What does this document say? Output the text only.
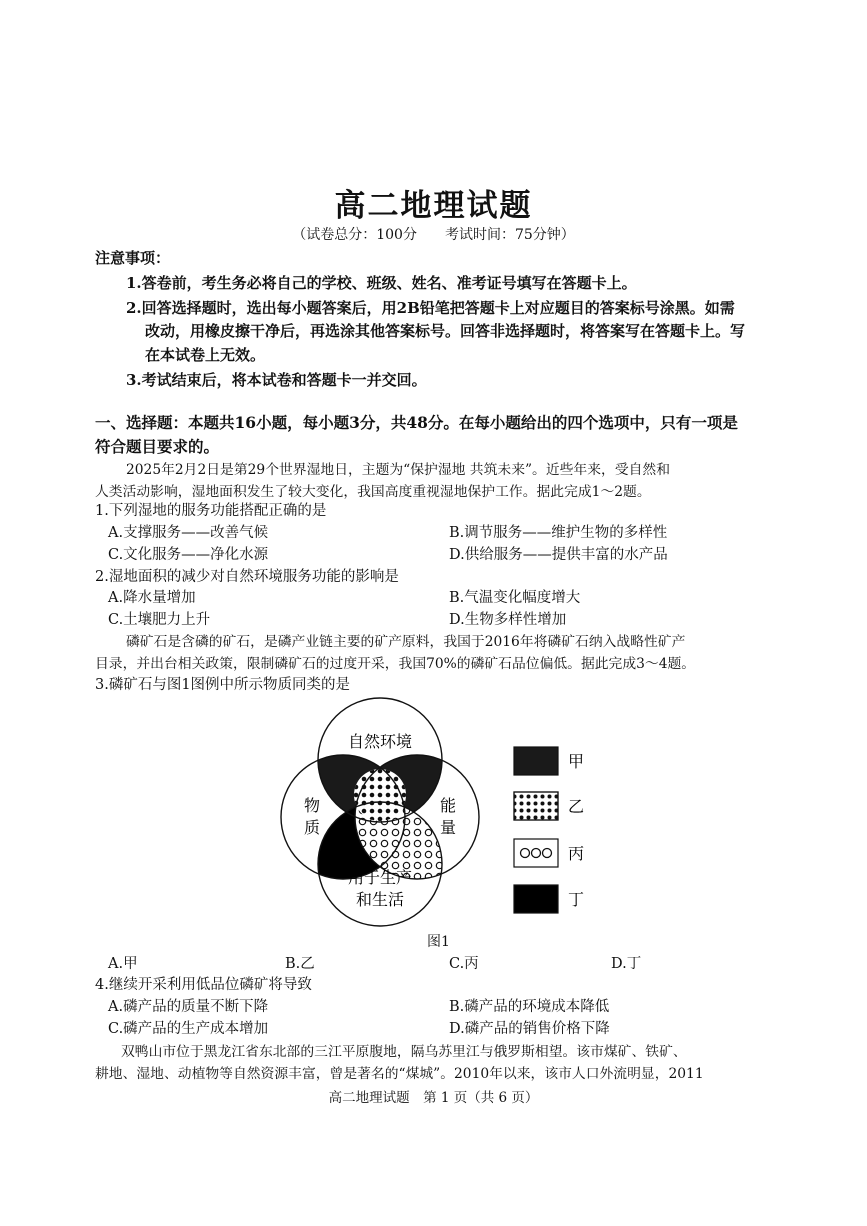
高二地理试题
（试卷总分：100分　　考试时间：75分钟）
注意事项：
1.答卷前，考生务必将自己的学校、班级、姓名、准考证号填写在答题卡上。
2.回答选择题时，选出每小题答案后，用2B铅笔把答题卡上对应题目的答案标号涂黑。如需
改动，用橡皮擦干净后，再选涂其他答案标号。回答非选择题时，将答案写在答题卡上。写
在本试卷上无效。
3.考试结束后，将本试卷和答题卡一并交回。
一、选择题：本题共16小题，每小题3分，共48分。在每小题给出的四个选项中，只有一项是
符合题目要求的。
2025年2月2日是第29个世界湿地日，主题为“保护湿地 共筑未来”。近些年来，受自然和
人类活动影响，湿地面积发生了较大变化，我国高度重视湿地保护工作。据此完成1～2题。
1.下列湿地的服务功能搭配正确的是
A.支撑服务——改善气候	B.调节服务——维护生物的多样性
C.文化服务——净化水源	D.供给服务——提供丰富的水产品
2.湿地面积的减少对自然环境服务功能的影响是
A.降水量增加	B.气温变化幅度增大
C.土壤肥力上升	D.生物多样性增加
磷矿石是含磷的矿石，是磷产业链主要的矿产原料，我国于2016年将磷矿石纳入战略性矿产
目录，并出台相关政策，限制磷矿石的过度开采，我国70%的磷矿石品位偏低。据此完成3～4题。
3.磷矿石与图1图例中所示物质同类的是
自然环境
物
质
能
量
用于生产
和生活
甲
乙
丙
丁
图1
A.甲	B.乙	C.丙	D.丁
4.继续开采利用低品位磷矿将导致
A.磷产品的质量不断下降	B.磷产品的环境成本降低
C.磷产品的生产成本增加	D.磷产品的销售价格下降
双鸭山市位于黑龙江省东北部的三江平原腹地，隔乌苏里江与俄罗斯相望。该市煤矿、铁矿、
耕地、湿地、动植物等自然资源丰富，曾是著名的“煤城”。2010年以来，该市人口外流明显，2011
高二地理试题　第 1 页（共 6 页）
